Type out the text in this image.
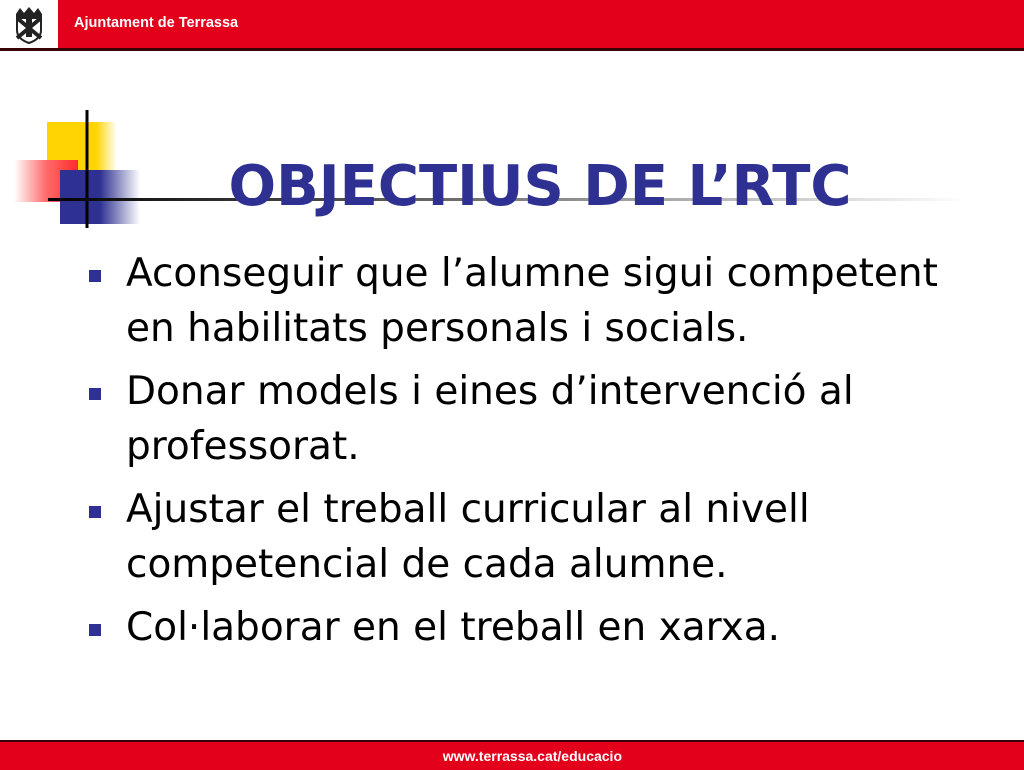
Ajuntament de Terrassa
OBJECTIUS DE L’RTC
Aconseguir que l’alumne sigui competent en habilitats personals i socials.
Donar models i eines d’intervenció al professorat.
Ajustar el treball curricular al nivell competencial de cada alumne.
Col·laborar en el treball en xarxa.
www.terrassa.cat/educacio
